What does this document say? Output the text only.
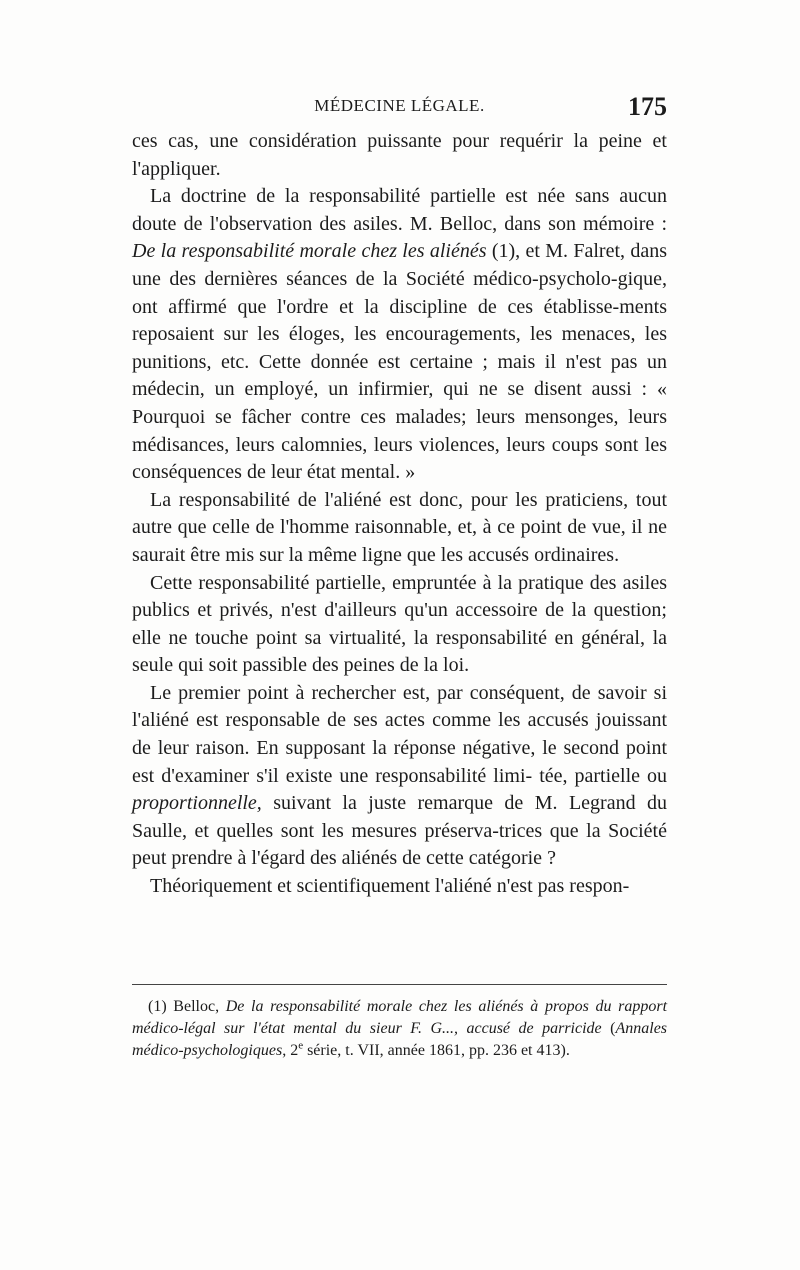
MÉDECINE LÉGALE.	175

ces cas, une considération puissante pour requérir la peine et l'appliquer.

La doctrine de la responsabilité partielle est née sans aucun doute de l'observation des asiles. M. Belloc, dans son mémoire : De la responsabilité morale chez les aliénés (1), et M. Falret, dans une des dernières séances de la Société médico-psycholo-gique, ont affirmé que l'ordre et la discipline de ces établisse-ments reposaient sur les éloges, les encouragements, les menaces, les punitions, etc. Cette donnée est certaine ; mais il n'est pas un médecin, un employé, un infirmier, qui ne se disent aussi : « Pourquoi se fâcher contre ces malades; leurs mensonges, leurs médisances, leurs calomnies, leurs violences, leurs coups sont les conséquences de leur état mental. »

La responsabilité de l'aliéné est donc, pour les praticiens, tout autre que celle de l'homme raisonnable, et, à ce point de vue, il ne saurait être mis sur la même ligne que les accusés ordinaires.

Cette responsabilité partielle, empruntée à la pratique des asiles publics et privés, n'est d'ailleurs qu'un accessoire de la question; elle ne touche point sa virtualité, la responsabilité en général, la seule qui soit passible des peines de la loi.

Le premier point à rechercher est, par conséquent, de savoir si l'aliéné est responsable de ses actes comme les accusés jouissant de leur raison. En supposant la réponse négative, le second point est d'examiner s'il existe une responsabilité limi- tée, partielle ou proportionnelle, suivant la juste remarque de M. Legrand du Saulle, et quelles sont les mesures préserva-trices que la Société peut prendre à l'égard des aliénés de cette catégorie ?

Théoriquement et scientifiquement l'aliéné n'est pas respon-

(1) Belloc, De la responsabilité morale chez les aliénés à propos du rapport médico-légal sur l'état mental du sieur F. G..., accusé de parricide (Annales médico-psychologiques, 2e série, t. VII, année 1861, pp. 236 et 413).
